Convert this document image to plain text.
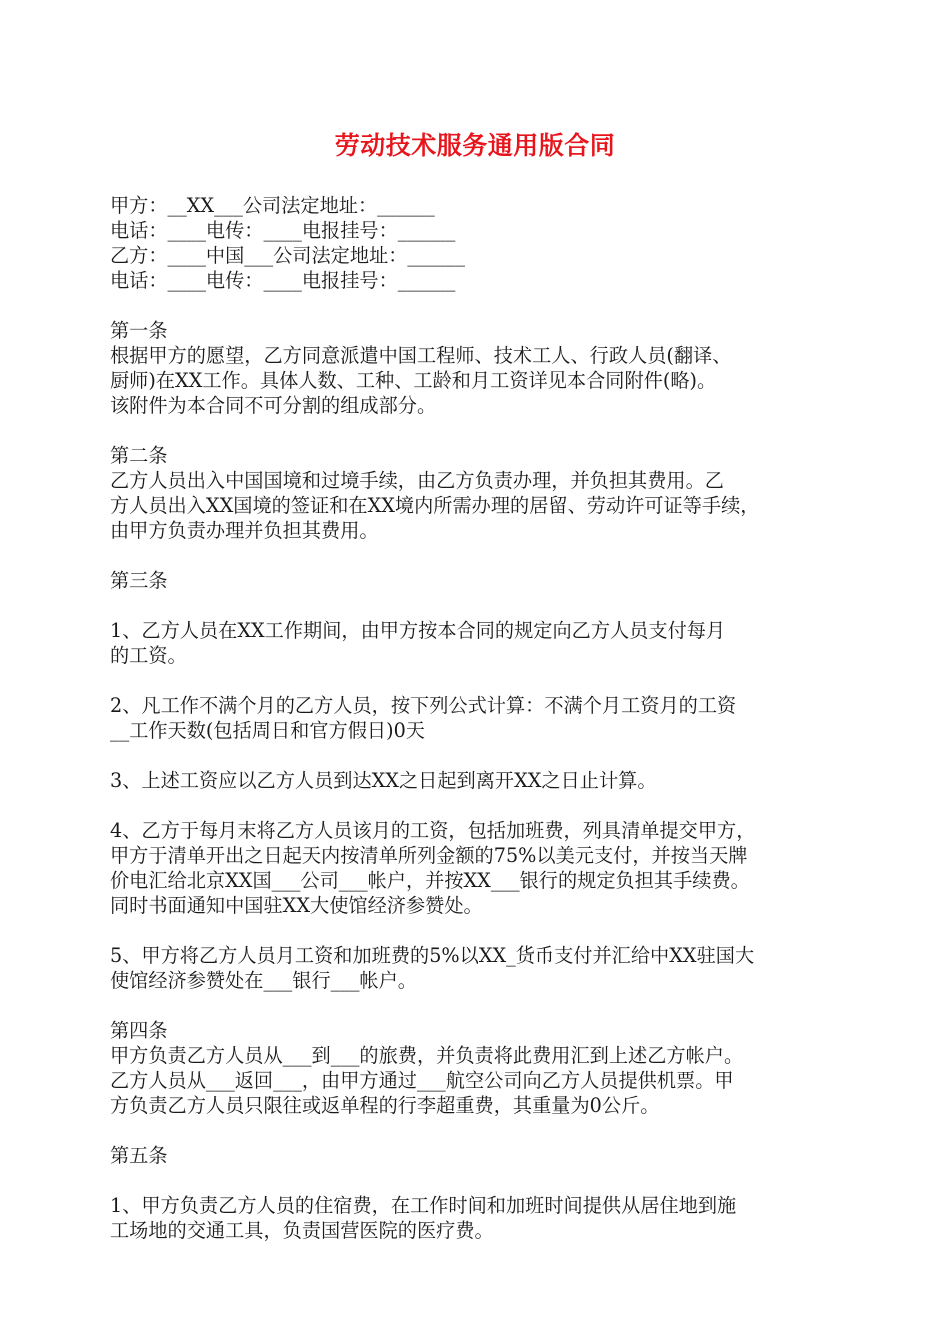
劳动技术服务通用版合同
甲方：__XX___公司法定地址：______
电话：____电传：____电报挂号：______
乙方：____中国___公司法定地址：______
电话：____电传：____电报挂号：______
第一条
根据甲方的愿望，乙方同意派遣中国工程师、技术工人、行政人员(翻译、
厨师)在XX工作。具体人数、工种、工龄和月工资详见本合同附件(略)。
该附件为本合同不可分割的组成部分。
第二条
乙方人员出入中国国境和过境手续，由乙方负责办理，并负担其费用。乙
方人员出入XX国境的签证和在XX境内所需办理的居留、劳动许可证等手续，
由甲方负责办理并负担其费用。
第三条
1、乙方人员在XX工作期间，由甲方按本合同的规定向乙方人员支付每月
的工资。
2、凡工作不满个月的乙方人员，按下列公式计算：不满个月工资月的工资
__工作天数(包括周日和官方假日)0天
3、上述工资应以乙方人员到达XX之日起到离开XX之日止计算。
4、乙方于每月末将乙方人员该月的工资，包括加班费，列具清单提交甲方，
甲方于清单开出之日起天内按清单所列金额的75%以美元支付，并按当天牌
价电汇给北京XX国___公司___帐户，并按XX___银行的规定负担其手续费。
同时书面通知中国驻XX大使馆经济参赞处。
5、甲方将乙方人员月工资和加班费的5%以XX_货币支付并汇给中XX驻国大
使馆经济参赞处在___银行___帐户。
第四条
甲方负责乙方人员从___到___的旅费，并负责将此费用汇到上述乙方帐户。
乙方人员从___返回___，由甲方通过___航空公司向乙方人员提供机票。甲
方负责乙方人员只限往或返单程的行李超重费，其重量为0公斤。
第五条
1、甲方负责乙方人员的住宿费，在工作时间和加班时间提供从居住地到施
工场地的交通工具，负责国营医院的医疗费。
